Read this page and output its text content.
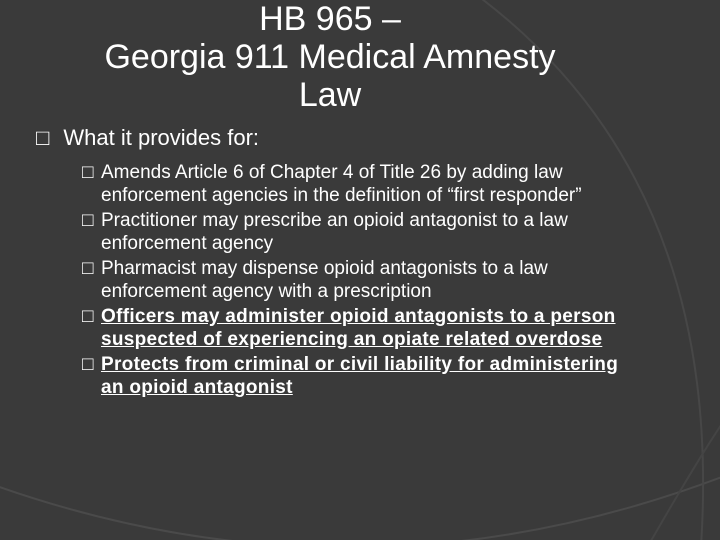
HB 965 –
Georgia 911 Medical Amnesty
Law
□ What it provides for:
□ Amends Article 6 of Chapter 4 of Title 26 by adding law enforcement agencies in the definition of “first responder”
□ Practitioner may prescribe an opioid antagonist to a law enforcement agency
□ Pharmacist may dispense opioid antagonists to a law enforcement agency with a prescription
□ Officers may administer opioid antagonists to a person suspected of experiencing an opiate related overdose
□ Protects from criminal or civil liability for administering an opioid antagonist
